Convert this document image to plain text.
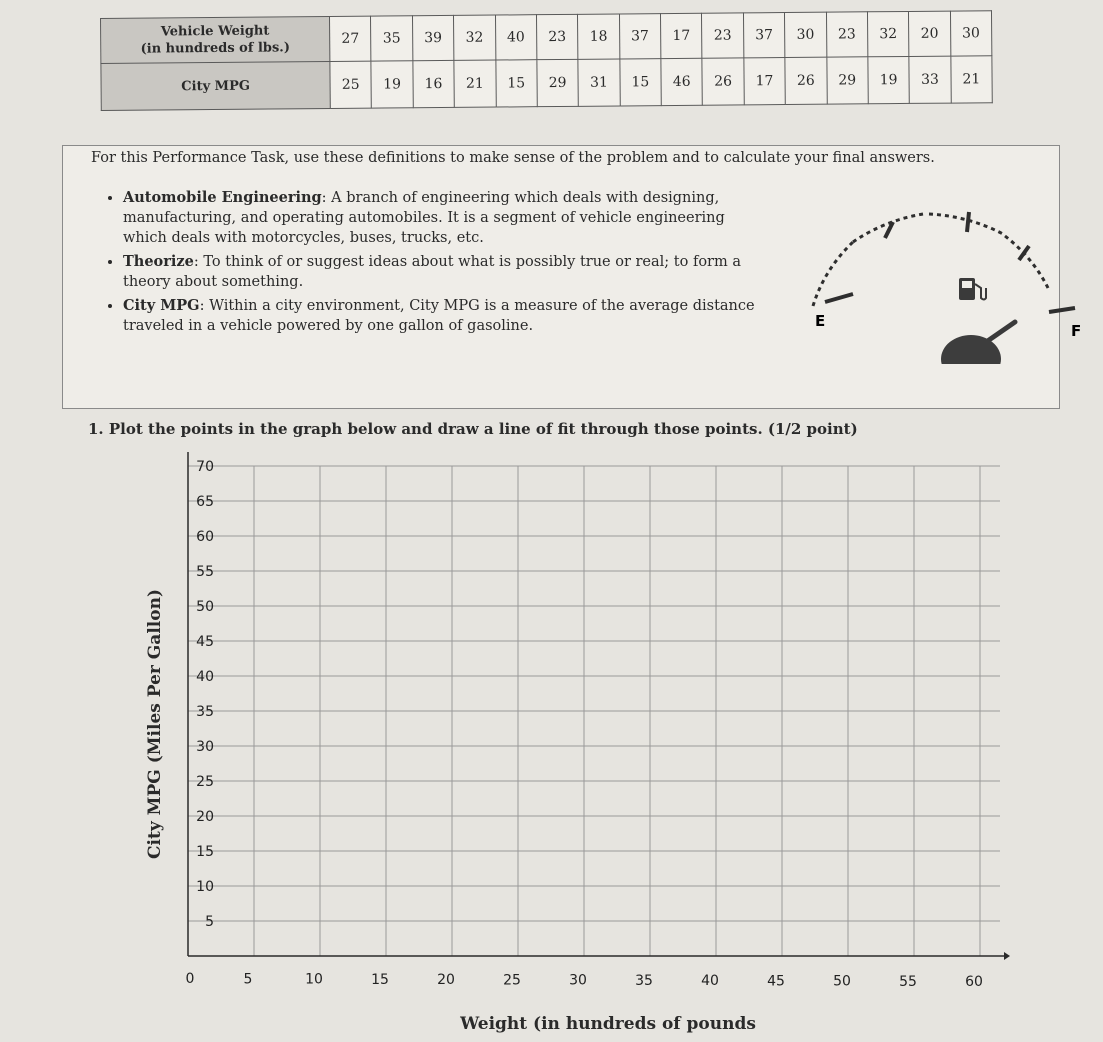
Vehicle Weight
(in hundreds of lbs.)	27	35	39	32	40	23	18	37	17	23	37	30	23	32	20	30
City MPG	25	19	16	21	15	29	31	15	46	26	17	26	29	19	33	21
For this Performance Task, use these definitions to make sense of the problem and to calculate your final answers.
• Automobile Engineering: A branch of engineering which deals with designing, manufacturing, and operating automobiles. It is a segment of vehicle engineering which deals with motorcycles, buses, trucks, etc.
• Theorize: To think of or suggest ideas about what is possibly true or real; to form a theory about something.
• City MPG: Within a city environment, City MPG is a measure of the average distance traveled in a vehicle powered by one gallon of gasoline.	E
F
1. Plot the points in the graph below and draw a line of fit through those points. (1/2 point)
5
10
15
20
25
30
35
40
45
50
55
60
65
70
0	5	10	15	20	25	30	35	40	45	50	55	60
City MPG (Miles Per Gallon)
Weight (in hundreds of pounds
